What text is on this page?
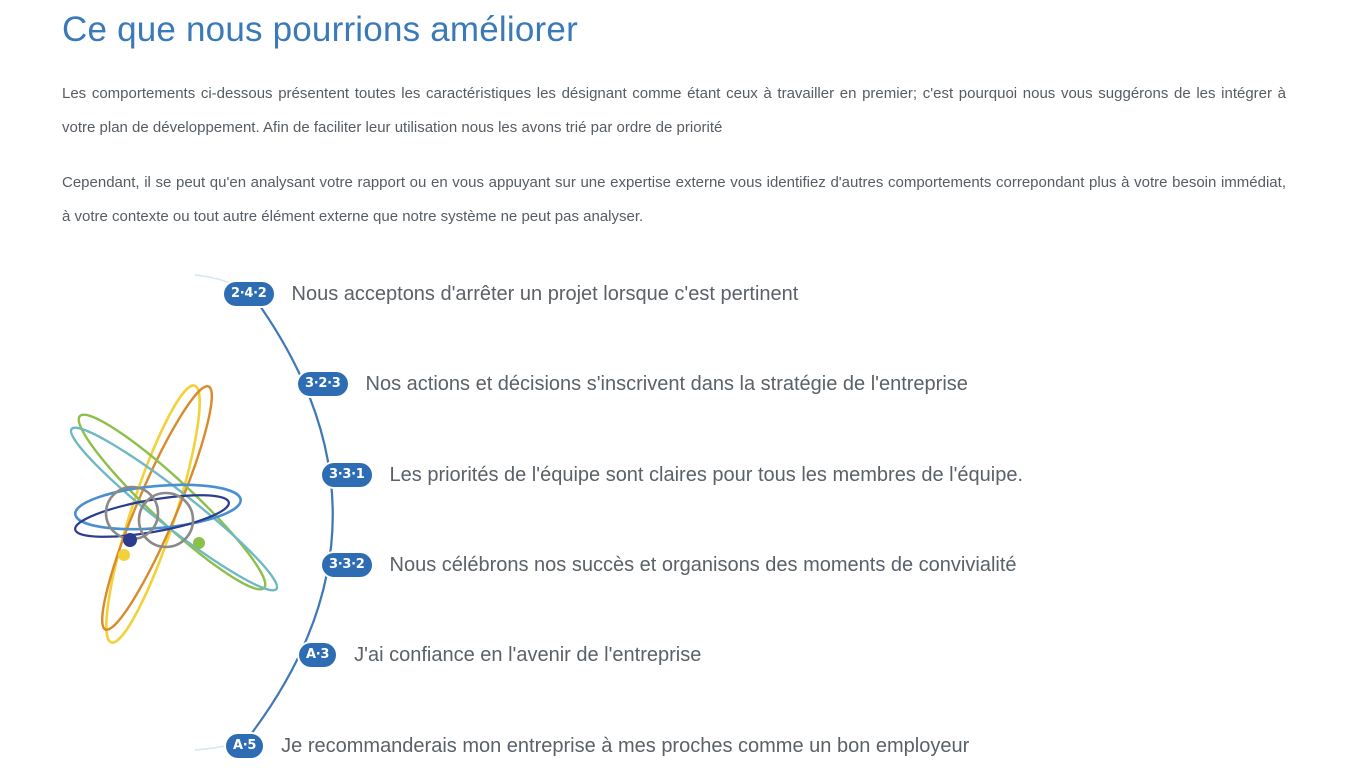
Ce que nous pourrions améliorer

Les comportements ci-dessous présentent toutes les caractéristiques les désignant comme étant ceux à travailler en premier; c'est pourquoi nous vous suggérons de les intégrer à votre plan de développement. Afin de faciliter leur utilisation nous les avons trié par ordre de priorité

Cependant, il se peut qu'en analysant votre rapport ou en vous appuyant sur une expertise externe vous identifiez d'autres comportements correpondant plus à votre besoin immédiat, à votre contexte ou tout autre élément externe que notre système ne peut pas analyser.

2·4·2	Nous acceptons d'arrêter un projet lorsque c'est pertinent
3·2·3	Nos actions et décisions s'inscrivent dans la stratégie de l'entreprise
3·3·1	Les priorités de l'équipe sont claires pour tous les membres de l'équipe.
3·3·2	Nous célébrons nos succès et organisons des moments de convivialité
A·3	J'ai confiance en l'avenir de l'entreprise
A·5	Je recommanderais mon entreprise à mes proches comme un bon employeur
